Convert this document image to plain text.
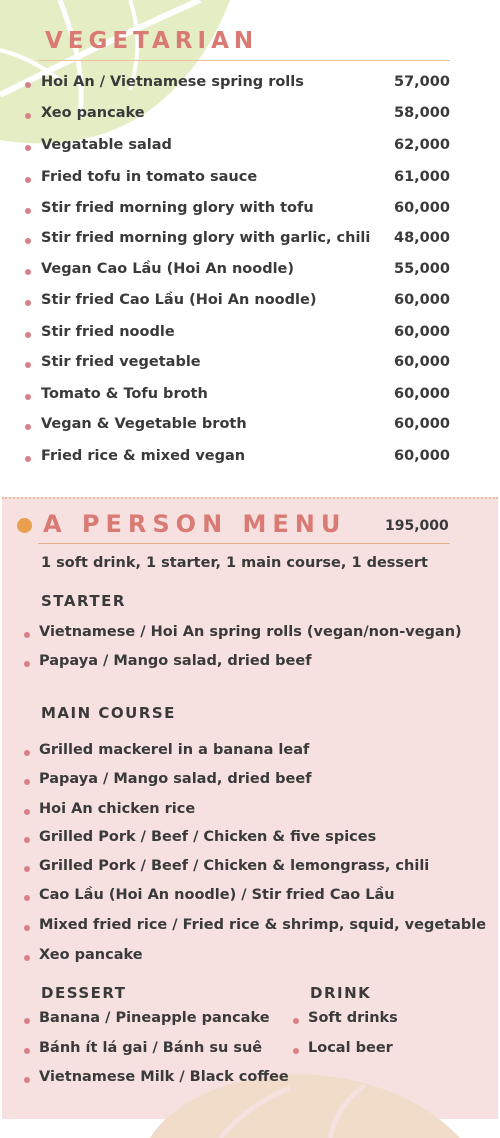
VEGETARIAN
Hoi An / Vietnamese spring rolls	57,000
Xeo pancake	58,000
Vegatable salad	62,000
Fried tofu in tomato sauce	61,000
Stir fried morning glory with tofu	60,000
Stir fried morning glory with garlic, chili 48,000
Vegan Cao Lầu (Hoi An noodle)	55,000
Stir fried Cao Lầu (Hoi An noodle)	60,000
Stir fried noodle	60,000
Stir fried vegetable	60,000
Tomato & Tofu broth	60,000
Vegan & Vegetable broth	60,000
Fried rice & mixed vegan	60,000
A PERSON MENU	195,000
1 soft drink, 1 starter, 1 main course, 1 dessert
STARTER
Vietnamese / Hoi An spring rolls (vegan/non-vegan)
Papaya / Mango salad, dried beef
MAIN COURSE
Grilled mackerel in a banana leaf
Papaya / Mango salad, dried beef
Hoi An chicken rice
Grilled Pork / Beef / Chicken & five spices
Grilled Pork / Beef / Chicken & lemongrass, chili
Cao Lầu (Hoi An noodle) / Stir fried Cao Lầu
Mixed fried rice / Fried rice & shrimp, squid, vegetable
Xeo pancake
DESSERT
Banana / Pineapple pancake
Bánh ít lá gai / Bánh su suê
Vietnamese Milk / Black coffee
DRINK
Soft drinks
Local beer
